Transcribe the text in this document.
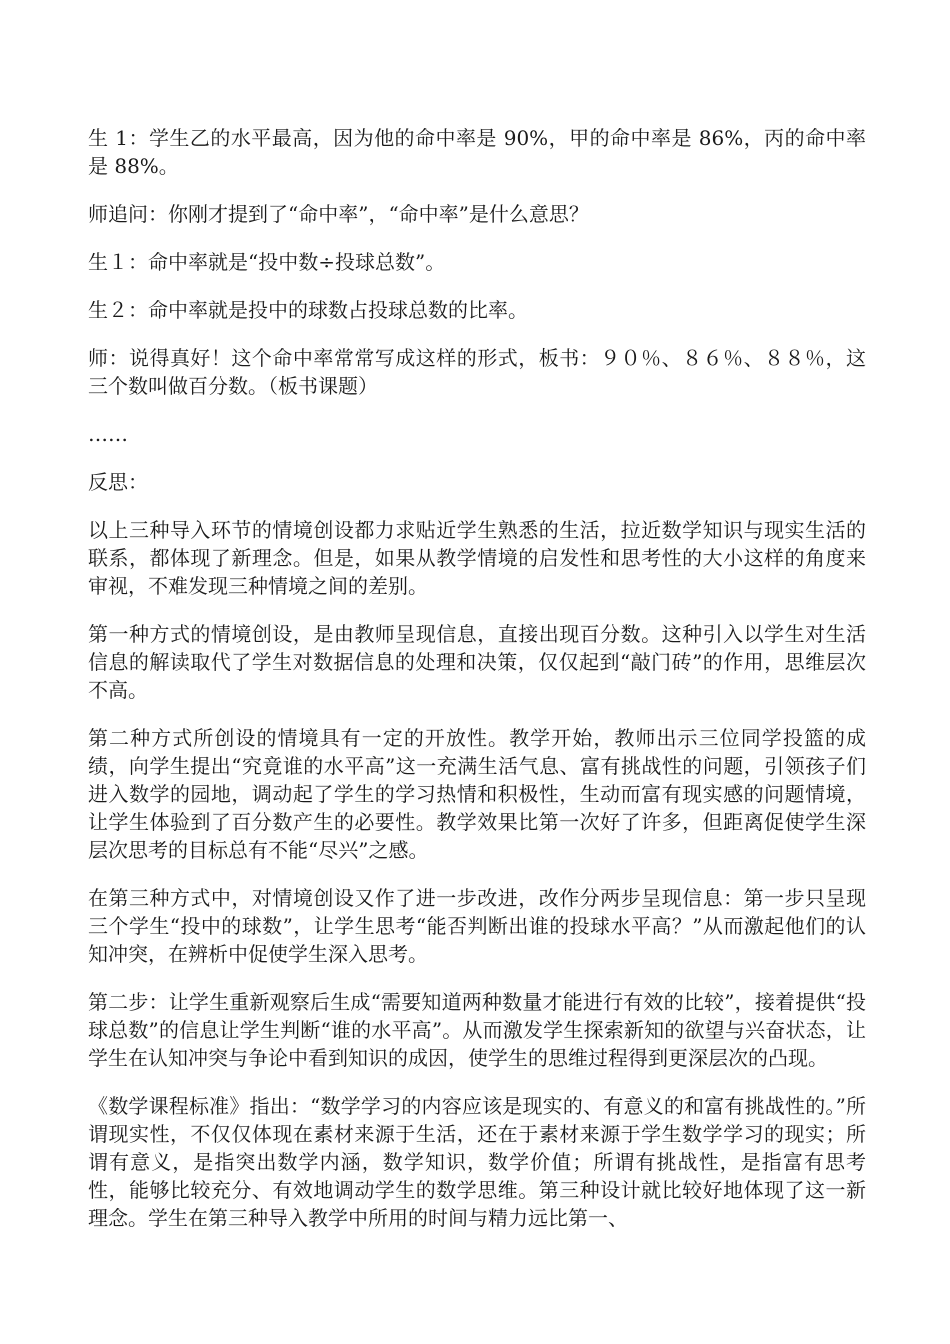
生 1：学生乙的水平最高，因为他的命中率是 90%，甲的命中率是 86%，丙的命中率是 88%。

师追问：你刚才提到了“命中率”，“命中率”是什么意思？

生１：命中率就是“投中数÷投球总数”。

生２：命中率就是投中的球数占投球总数的比率。

师：说得真好！这个命中率常常写成这样的形式，板书：９０％、８６％、８８％，这三个数叫做百分数。（板书课题）

……

反思：

以上三种导入环节的情境创设都力求贴近学生熟悉的生活，拉近数学知识与现实生活的联系，都体现了新理念。但是，如果从教学情境的启发性和思考性的大小这样的角度来审视，不难发现三种情境之间的差别。

第一种方式的情境创设，是由教师呈现信息，直接出现百分数。这种引入以学生对生活信息的解读取代了学生对数据信息的处理和决策，仅仅起到“敲门砖”的作用，思维层次不高。

第二种方式所创设的情境具有一定的开放性。教学开始，教师出示三位同学投篮的成绩，向学生提出“究竟谁的水平高”这一充满生活气息、富有挑战性的问题，引领孩子们进入数学的园地，调动起了学生的学习热情和积极性，生动而富有现实感的问题情境，让学生体验到了百分数产生的必要性。教学效果比第一次好了许多，但距离促使学生深层次思考的目标总有不能“尽兴”之感。

在第三种方式中，对情境创设又作了进一步改进，改作分两步呈现信息：第一步只呈现三个学生“投中的球数”，让学生思考“能否判断出谁的投球水平高？”从而激起他们的认知冲突，在辨析中促使学生深入思考。

第二步：让学生重新观察后生成“需要知道两种数量才能进行有效的比较”，接着提供“投球总数”的信息让学生判断“谁的水平高”。从而激发学生探索新知的欲望与兴奋状态，让学生在认知冲突与争论中看到知识的成因，使学生的思维过程得到更深层次的凸现。

《数学课程标准》指出：“数学学习的内容应该是现实的、有意义的和富有挑战性的。”所谓现实性，不仅仅体现在素材来源于生活，还在于素材来源于学生数学学习的现实；所谓有意义，是指突出数学内涵，数学知识，数学价值；所谓有挑战性，是指富有思考性，能够比较充分、有效地调动学生的数学思维。第三种设计就比较好地体现了这一新理念。学生在第三种导入教学中所用的时间与精力远比第一、
